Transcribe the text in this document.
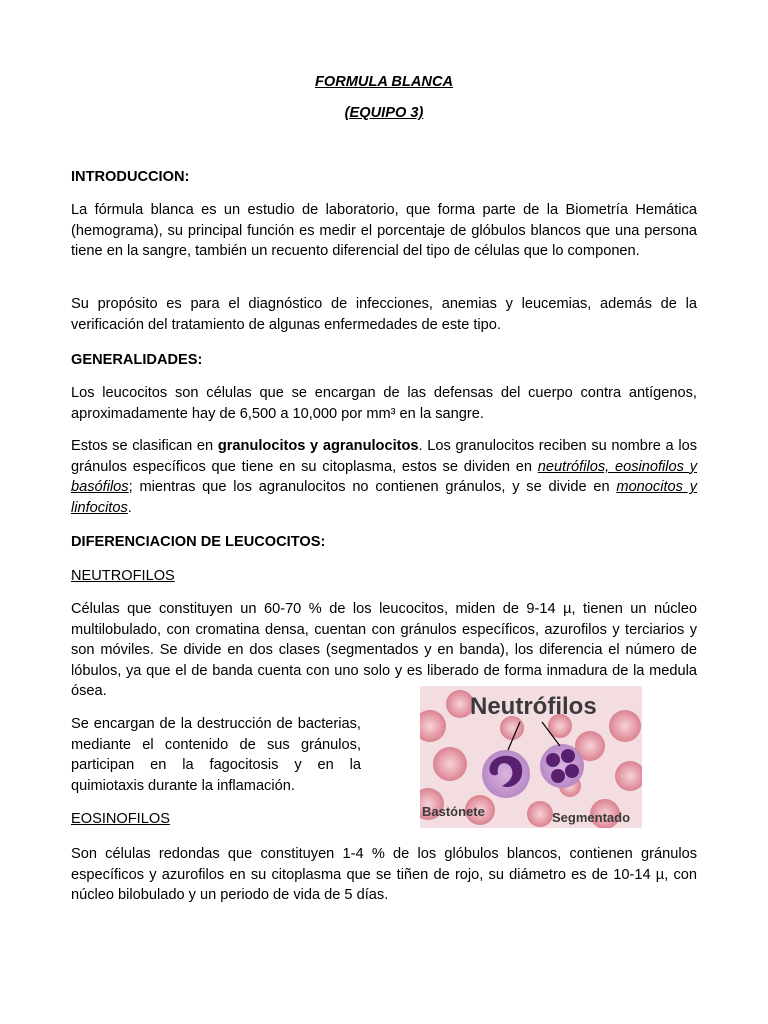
FORMULA BLANCA
(EQUIPO 3)
INTRODUCCION:
La fórmula blanca es un estudio de laboratorio, que forma parte de la Biometría Hemática (hemograma), su principal función es medir el porcentaje de glóbulos blancos que una persona tiene en la sangre, también un recuento diferencial del tipo de células que lo componen.
Su propósito es para el diagnóstico de infecciones, anemias y leucemias, además de la verificación del tratamiento de algunas enfermedades de este tipo.
GENERALIDADES:
Los leucocitos son células que se encargan de las defensas del cuerpo contra antígenos, aproximadamente hay de 6,500 a 10,000 por mm³ en la sangre.
Estos se clasifican en granulocitos y agranulocitos. Los granulocitos reciben su nombre a los gránulos específicos que tiene en su citoplasma, estos se dividen en neutrófilos, eosinofilos y basófilos; mientras que los agranulocitos no contienen gránulos, y se divide en monocitos y linfocitos.
DIFERENCIACION DE LEUCOCITOS:
NEUTROFILOS
Células que constituyen un 60-70 % de los leucocitos, miden de 9-14 µ, tienen un núcleo multilobulado, con cromatina densa, cuentan con gránulos específicos, azurofilos y terciarios y son móviles. Se divide en dos clases (segmentados y en banda), los diferencia el número de lóbulos, ya que el de banda cuenta con uno solo y es liberado de forma inmadura de la medula ósea.
Se encargan de la destrucción de bacterias, mediante el contenido de sus gránulos, participan en la fagocitosis y en la quimiotaxis durante la inflamación.
EOSINOFILOS
Son células redondas que constituyen 1-4 % de los glóbulos blancos, contienen gránulos específicos y azurofilos en su citoplasma que se tiñen de rojo, su diámetro es de 10-14 µ, con núcleo bilobulado y un periodo de vida de 5 días.
Neutrófilos
Bastónete	Segmentado
